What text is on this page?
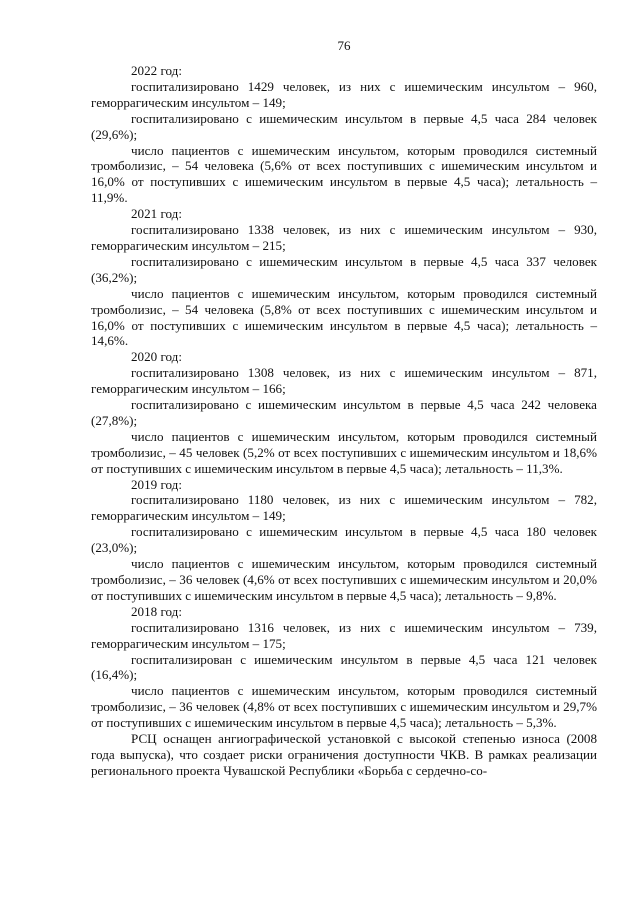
76
2022 год:
госпитализировано 1429 человек, из них с ишемическим инсультом – 960, геморрагическим инсультом – 149;
госпитализировано с ишемическим инсультом в первые 4,5 часа 284 человек (29,6%);
число пациентов с ишемическим инсультом, которым проводился системный тромболизис, – 54 человека (5,6% от всех поступивших с ишемическим инсультом и 16,0% от поступивших с ишемическим инсультом в первые 4,5 часа); летальность – 11,9%.
2021 год:
госпитализировано 1338 человек, из них с ишемическим инсультом – 930, геморрагическим инсультом – 215;
госпитализировано с ишемическим инсультом в первые 4,5 часа 337 человек (36,2%);
число пациентов с ишемическим инсультом, которым проводился системный тромболизис, – 54 человека (5,8% от всех поступивших с ишемическим инсультом и 16,0% от поступивших с ишемическим инсультом в первые 4,5 часа); летальность – 14,6%.
2020 год:
госпитализировано 1308 человек, из них с ишемическим инсультом – 871, геморрагическим инсультом – 166;
госпитализировано с ишемическим инсультом в первые 4,5 часа 242 человека (27,8%);
число пациентов с ишемическим инсультом, которым проводился системный тромболизис, – 45 человек (5,2% от всех поступивших с ишемическим инсультом и 18,6% от поступивших с ишемическим инсультом в первые 4,5 часа); летальность – 11,3%.
2019 год:
госпитализировано 1180 человек, из них с ишемическим инсультом – 782, геморрагическим инсультом – 149;
госпитализировано с ишемическим инсультом в первые 4,5 часа 180 человек (23,0%);
число пациентов с ишемическим инсультом, которым проводился системный тромболизис, – 36 человек (4,6% от всех поступивших с ишемическим инсультом и 20,0% от поступивших с ишемическим инсультом в первые 4,5 часа); летальность – 9,8%.
2018 год:
госпитализировано 1316 человек, из них с ишемическим инсультом – 739, геморрагическим инсультом – 175;
госпитализирован с ишемическим инсультом в первые 4,5 часа 121 человек (16,4%);
число пациентов с ишемическим инсультом, которым проводился системный тромболизис, – 36 человек (4,8% от всех поступивших с ишемическим инсультом и 29,7% от поступивших с ишемическим инсультом в первые 4,5 часа); летальность – 5,3%.
РСЦ оснащен ангиографической установкой с высокой степенью износа (2008 года выпуска), что создает риски ограничения доступности ЧКВ. В рамках реализации регионального проекта Чувашской Республики «Борьба с сердечно-со-
